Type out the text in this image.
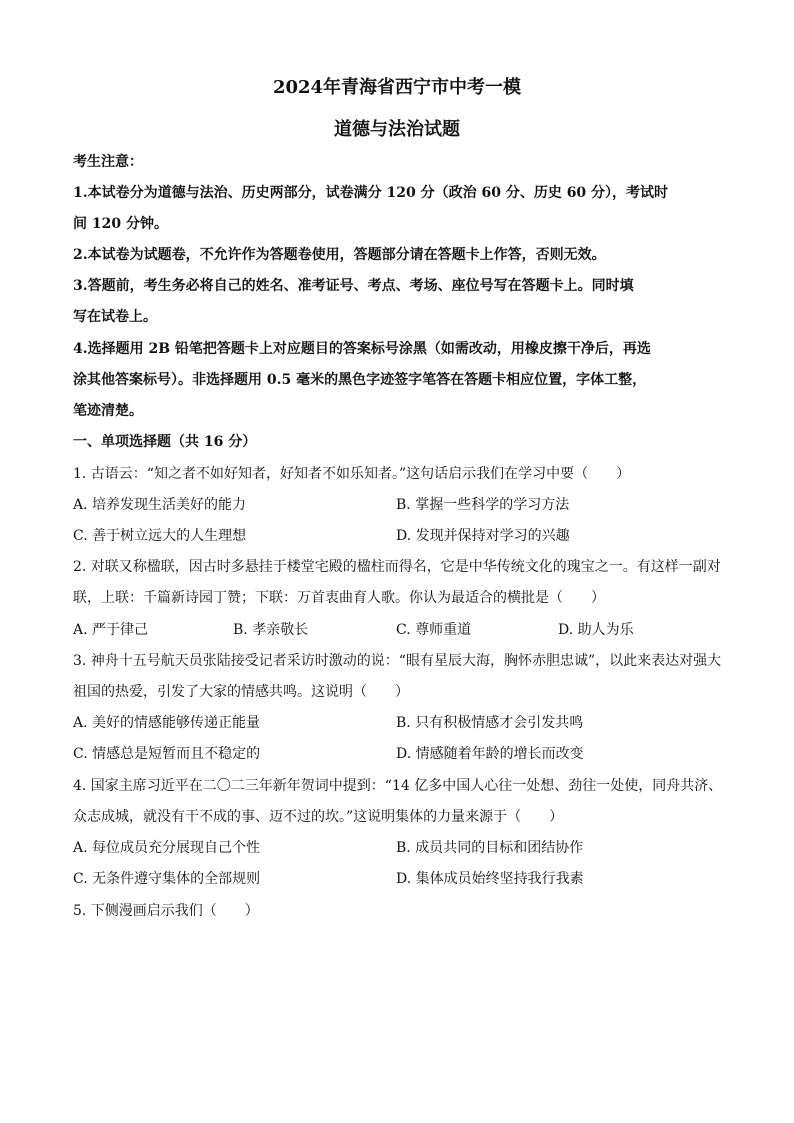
2024年青海省西宁市中考一模
道德与法治试题
考生注意：
1.本试卷分为道德与法治、历史两部分，试卷满分 120 分（政治 60 分、历史 60 分），考试时
间 120 分钟。
2.本试卷为试题卷，不允许作为答题卷使用，答题部分请在答题卡上作答，否则无效。
3.答题前，考生务必将自己的姓名、准考证号、考点、考场、座位号写在答题卡上。同时填
写在试卷上。
4.选择题用 2B 铅笔把答题卡上对应题目的答案标号涂黑（如需改动，用橡皮擦干净后，再选
涂其他答案标号）。非选择题用 0.5 毫米的黑色字迹签字笔答在答题卡相应位置，字体工整，
笔迹清楚。
一、单项选择题（共 16 分）
1. 古语云：“知之者不如好知者，好知者不如乐知者。”这句话启示我们在学习中要（　　）
A. 培养发现生活美好的能力	B. 掌握一些科学的学习方法
C. 善于树立远大的人生理想	D. 发现并保持对学习的兴趣
2. 对联又称楹联，因古时多悬挂于楼堂宅殿的楹柱而得名，它是中华传统文化的瑰宝之一。有这样一副对
联，上联：千篇新诗园丁赞；下联：万首衷曲育人歌。你认为最适合的横批是（　　）
A. 严于律己	B. 孝亲敬长	C. 尊师重道	D. 助人为乐
3. 神舟十五号航天员张陆接受记者采访时激动的说：“眼有星辰大海，胸怀赤胆忠诚”，以此来表达对强大
祖国的热爱，引发了大家的情感共鸣。这说明（　　）
A. 美好的情感能够传递正能量	B. 只有积极情感才会引发共鸣
C. 情感总是短暂而且不稳定的	D. 情感随着年龄的增长而改变
4. 国家主席习近平在二〇二三年新年贺词中提到：“14 亿多中国人心往一处想、劲往一处使，同舟共济、
众志成城，就没有干不成的事、迈不过的坎。”这说明集体的力量来源于（　　）
A. 每位成员充分展现自己个性	B. 成员共同的目标和团结协作
C. 无条件遵守集体的全部规则	D. 集体成员始终坚持我行我素
5. 下侧漫画启示我们（　　）
